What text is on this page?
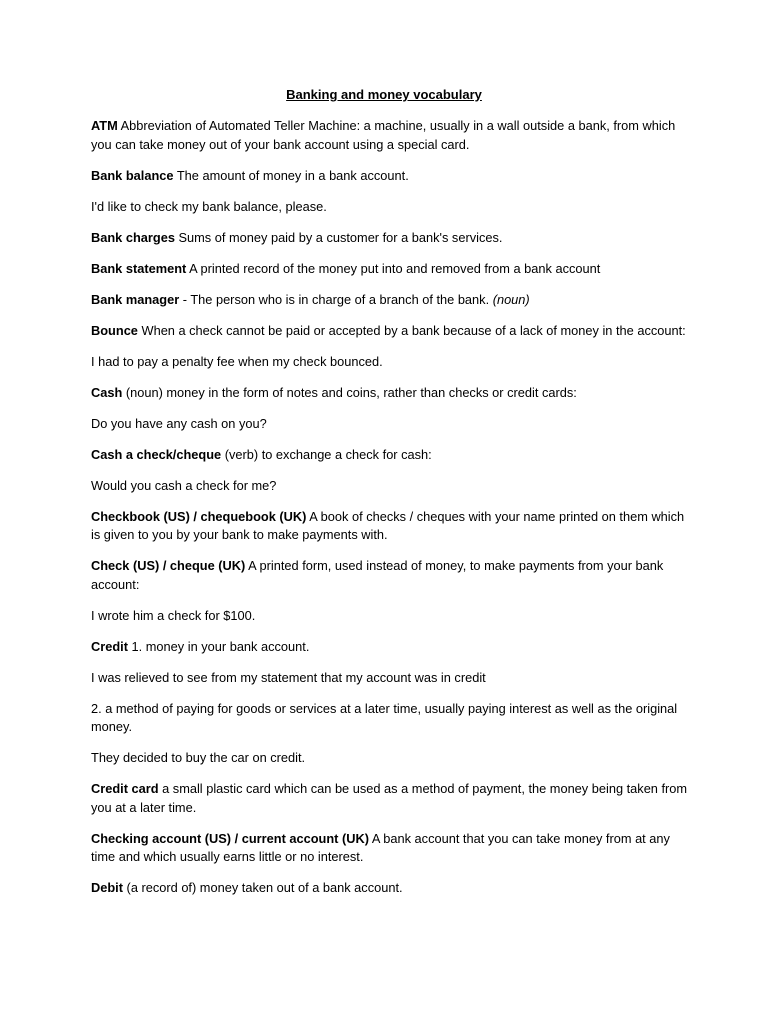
Banking and money vocabulary

ATM Abbreviation of Automated Teller Machine: a machine, usually in a wall outside a bank, from which you can take money out of your bank account using a special card.

Bank balance The amount of money in a bank account.

I'd like to check my bank balance, please.

Bank charges Sums of money paid by a customer for a bank's services.

Bank statement A printed record of the money put into and removed from a bank account

Bank manager - The person who is in charge of a branch of the bank. (noun)

Bounce When a check cannot be paid or accepted by a bank because of a lack of money in the account:

I had to pay a penalty fee when my check bounced.

Cash (noun) money in the form of notes and coins, rather than checks or credit cards:

Do you have any cash on you?

Cash a check/cheque (verb) to exchange a check for cash:

Would you cash a check for me?

Checkbook (US) / chequebook (UK) A book of checks / cheques with your name printed on them which is given to you by your bank to make payments with.

Check (US) / cheque (UK) A printed form, used instead of money, to make payments from your bank account:

I wrote him a check for $100.

Credit 1. money in your bank account.

I was relieved to see from my statement that my account was in credit

2. a method of paying for goods or services at a later time, usually paying interest as well as the original money.

They decided to buy the car on credit.

Credit card a small plastic card which can be used as a method of payment, the money being taken from you at a later time.

Checking account (US) / current account (UK) A bank account that you can take money from at any time and which usually earns little or no interest.

Debit (a record of) money taken out of a bank account.
